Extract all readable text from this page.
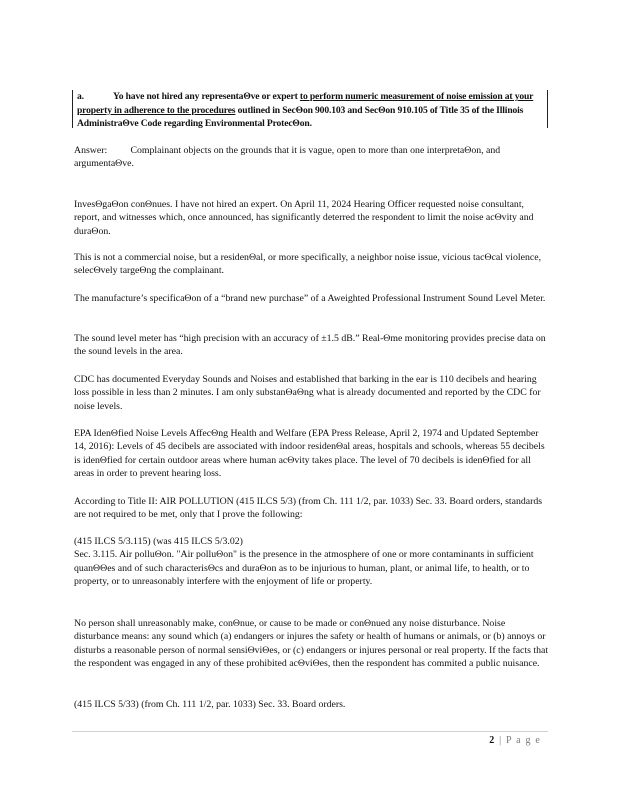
a.	Yo have not hired any representaΘve or expert to perform numeric measurement of noise emission at your property in adherence to the procedures outlined in SecΘon 900.103 and SecΘon 910.105 of Title 35 of the Illinois AdministraΘve Code regarding Environmental ProtecΘon.

Answer: Complainant objects on the grounds that it is vague, open to more than one interpretaΘon, and argumentaΘve.

InvesΘgaΘon conΘnues. I have not hired an expert. On April 11, 2024 Hearing Officer requested noise consultant, report, and witnesses which, once announced, has significantly deterred the respondent to limit the noise acΘvity and duraΘon.

This is not a commercial noise, but a residenΘal, or more specifically, a neighbor noise issue, vicious tacΘcal violence, selecΘvely targeΘng the complainant.

The manufacture’s specificaΘon of a “brand new purchase” of a Aweighted Professional Instrument Sound Level Meter.

The sound level meter has “high precision with an accuracy of ±1.5 dB.” Real-Θme monitoring provides precise data on the sound levels in the area.

CDC has documented Everyday Sounds and Noises and established that barking in the ear is 110 decibels and hearing loss possible in less than 2 minutes. I am only substanΘaΘng what is already documented and reported by the CDC for noise levels.

EPA IdenΘfied Noise Levels AffecΘng Health and Welfare (EPA Press Release, April 2, 1974 and Updated September 14, 2016): Levels of 45 decibels are associated with indoor residenΘal areas, hospitals and schools, whereas 55 decibels is idenΘfied for certain outdoor areas where human acΘvity takes place. The level of 70 decibels is idenΘfied for all areas in order to prevent hearing loss.

According to Title II: AIR POLLUTION (415 ILCS 5/3) (from Ch. 111 1/2, par. 1033) Sec. 33. Board orders, standards are not required to be met, only that I prove the following:

(415 ILCS 5/3.115) (was 415 ILCS 5/3.02)
Sec. 3.115. Air polluΘon. "Air polluΘon" is the presence in the atmosphere of one or more contaminants in sufficient quanΘΘes and of such characterisΘcs and duraΘon as to be injurious to human, plant, or animal life, to health, or to property, or to unreasonably interfere with the enjoyment of life or property.

No person shall unreasonably make, conΘnue, or cause to be made or conΘnued any noise disturbance. Noise disturbance means: any sound which (a) endangers or injures the safety or health of humans or animals, or (b) annoys or disturbs a reasonable person of normal sensiΘviΘes, or (c) endangers or injures personal or real property. If the facts that the respondent was engaged in any of these prohibited acΘviΘes, then the respondent has commited a public nuisance.

(415 ILCS 5/33) (from Ch. 111 1/2, par. 1033) Sec. 33. Board orders.

2 | P a g e
